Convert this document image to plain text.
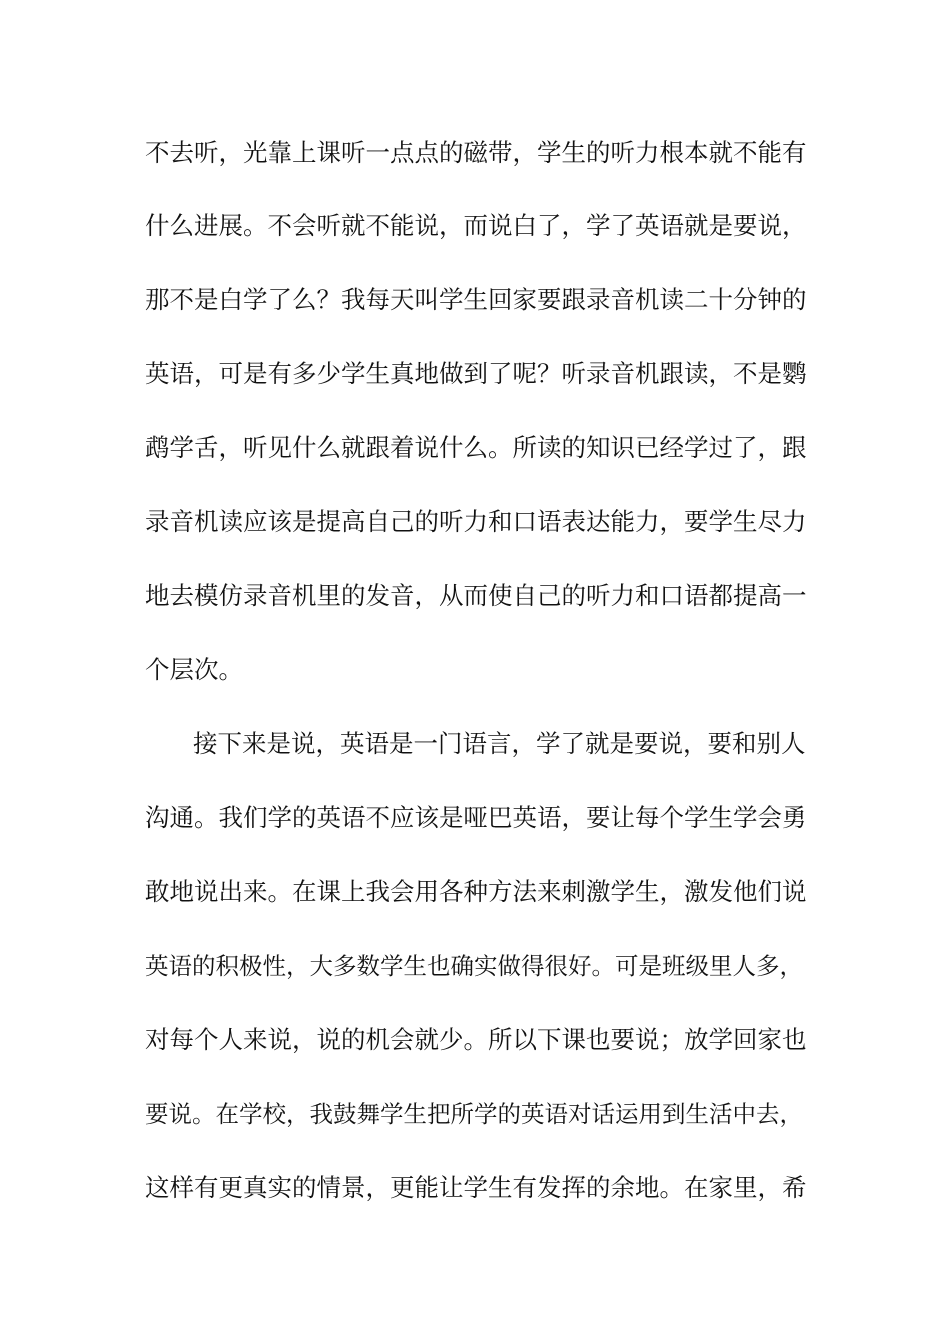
不去听，光靠上课听一点点的磁带，学生的听力根本就不能有
什么进展。不会听就不能说，而说白了，学了英语就是要说，
那不是白学了么？我每天叫学生回家要跟录音机读二十分钟的
英语，可是有多少学生真地做到了呢？听录音机跟读，不是鹦
鹉学舌，听见什么就跟着说什么。所读的知识已经学过了，跟
录音机读应该是提高自己的听力和口语表达能力，要学生尽力
地去模仿录音机里的发音，从而使自己的听力和口语都提高一
个层次。
接下来是说，英语是一门语言，学了就是要说，要和别人
沟通。我们学的英语不应该是哑巴英语，要让每个学生学会勇
敢地说出来。在课上我会用各种方法来刺激学生，激发他们说
英语的积极性，大多数学生也确实做得很好。可是班级里人多，
对每个人来说，说的机会就少。所以下课也要说；放学回家也
要说。在学校，我鼓舞学生把所学的英语对话运用到生活中去，
这样有更真实的情景，更能让学生有发挥的余地。在家里，希
